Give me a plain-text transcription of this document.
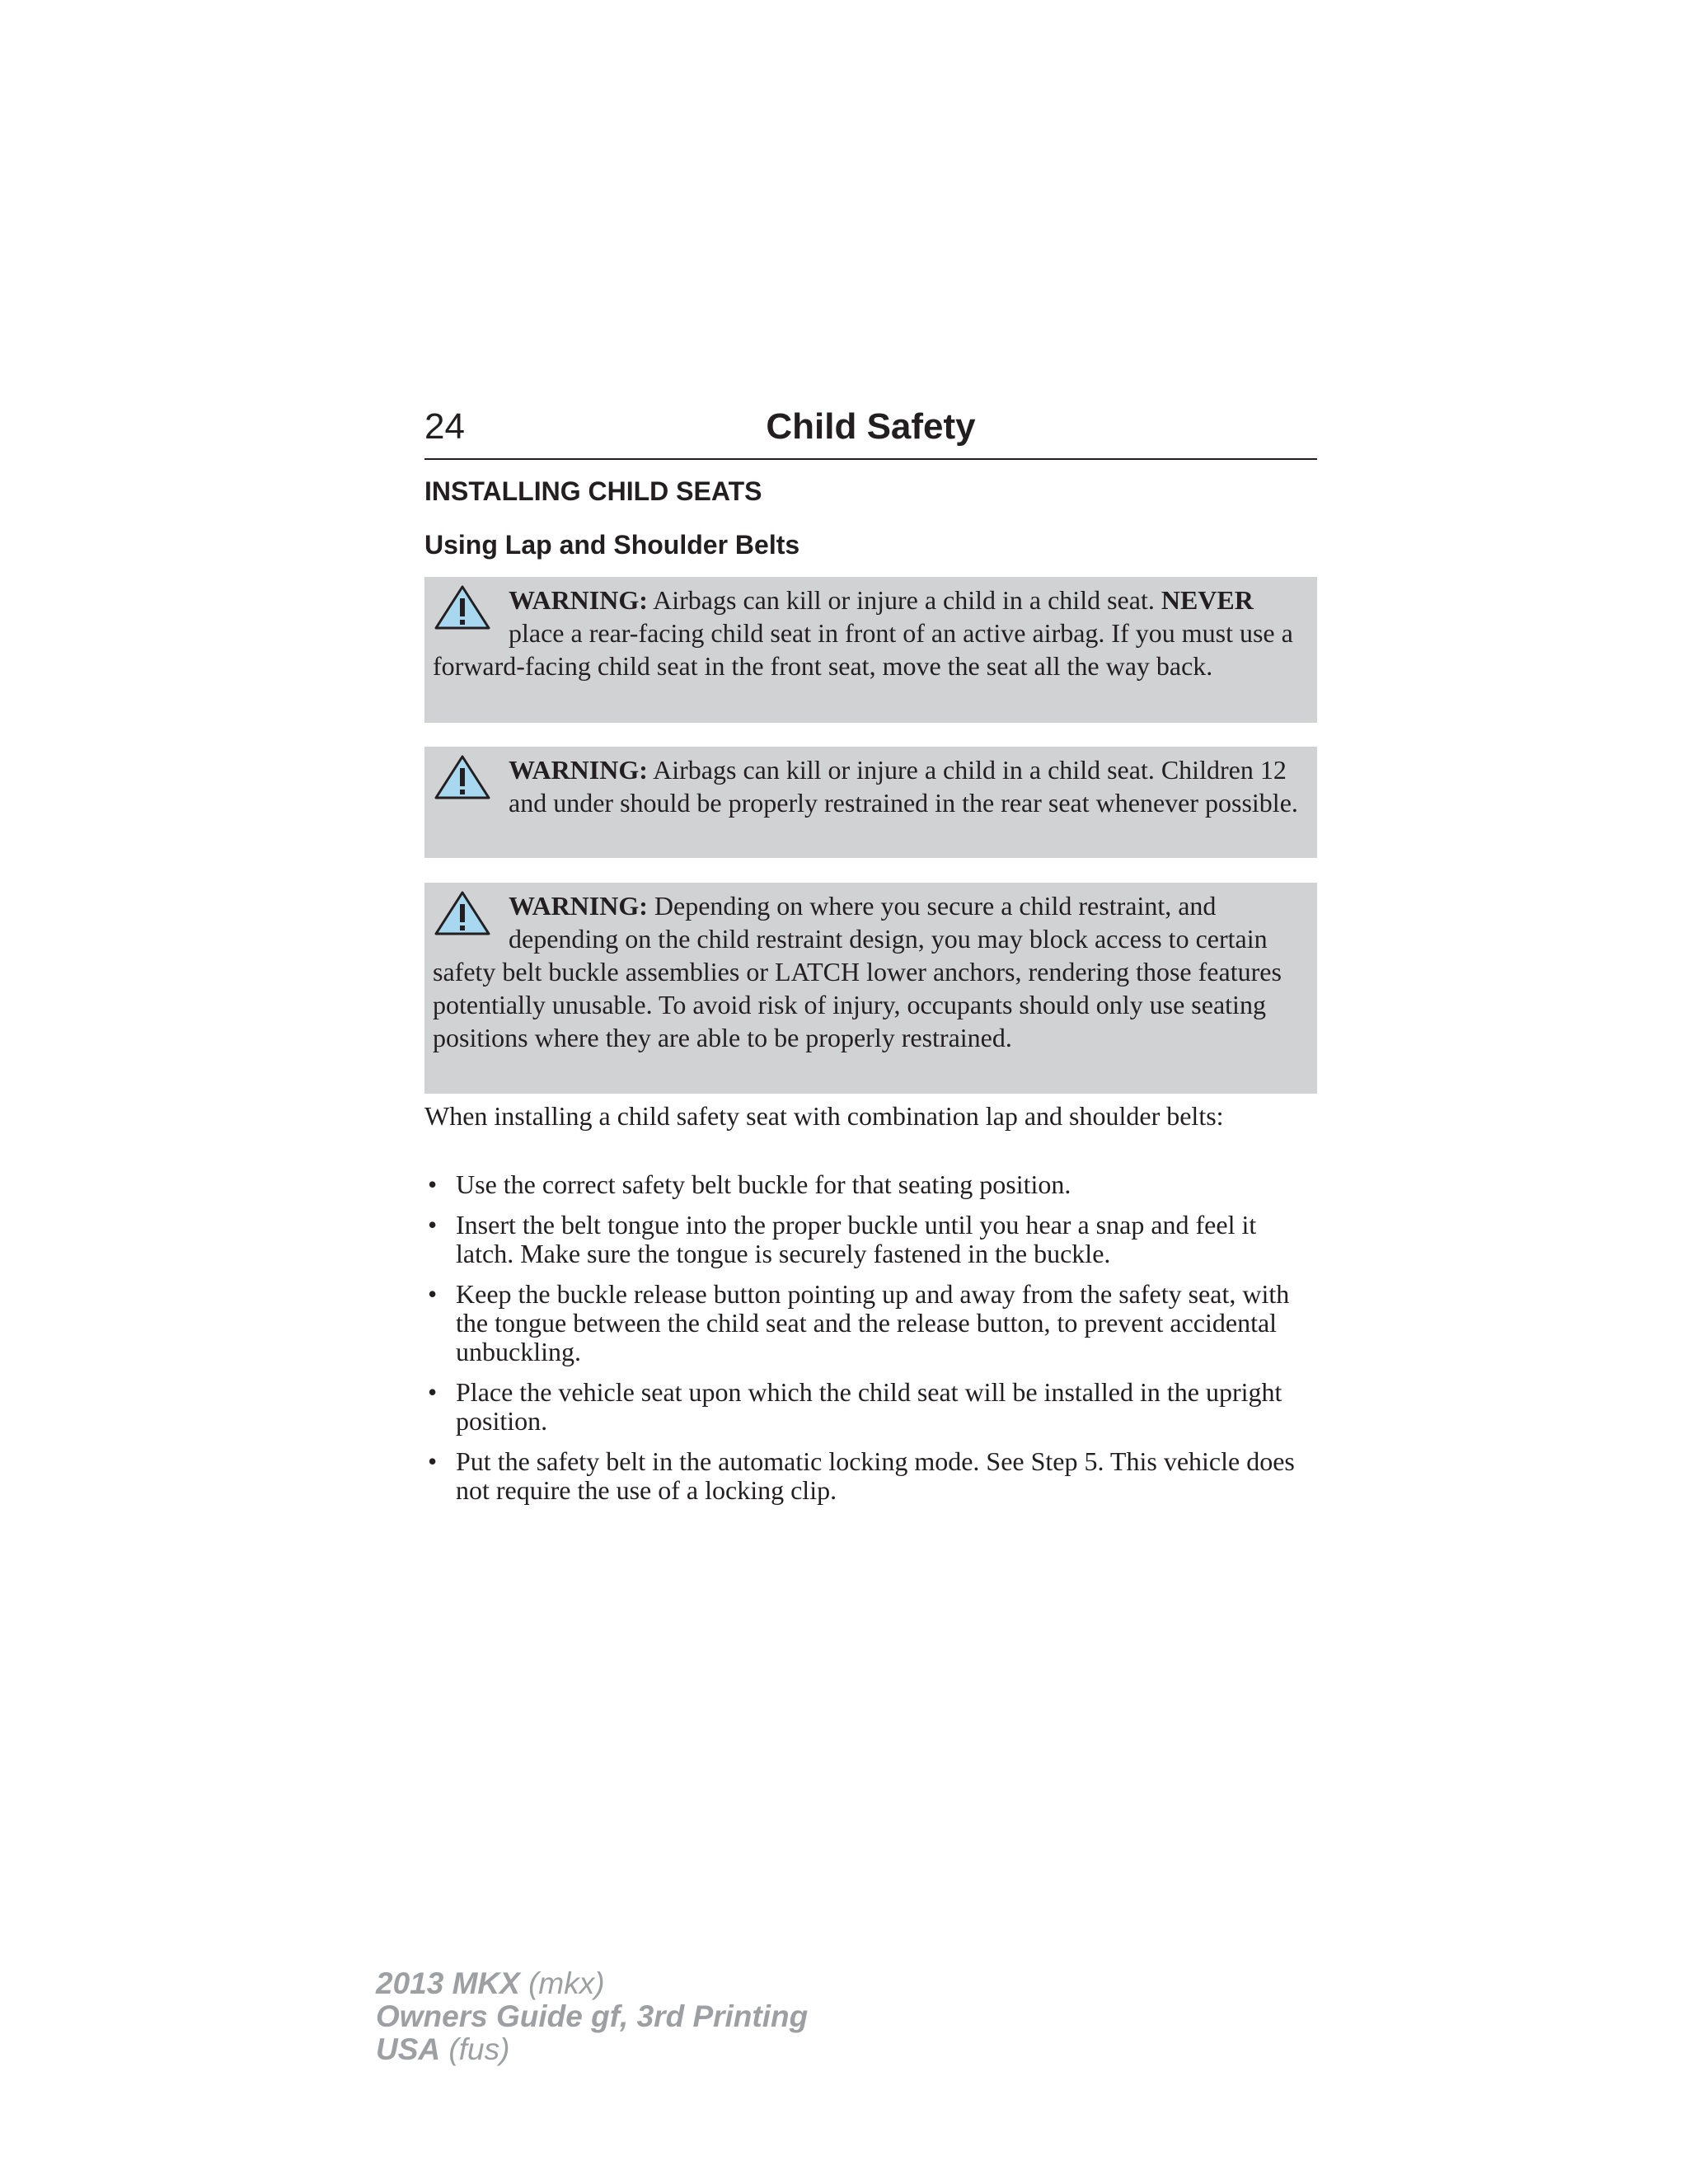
24	Child Safety
INSTALLING CHILD SEATS
Using Lap and Shoulder Belts
WARNING: Airbags can kill or injure a child in a child seat. NEVER place a rear-facing child seat in front of an active airbag. If you must use a forward-facing child seat in the front seat, move the seat all the way back.
WARNING: Airbags can kill or injure a child in a child seat. Children 12 and under should be properly restrained in the rear seat whenever possible.
WARNING: Depending on where you secure a child restraint, and depending on the child restraint design, you may block access to certain safety belt buckle assemblies or LATCH lower anchors, rendering those features potentially unusable. To avoid risk of injury, occupants should only use seating positions where they are able to be properly restrained.
When installing a child safety seat with combination lap and shoulder belts:
• Use the correct safety belt buckle for that seating position.
• Insert the belt tongue into the proper buckle until you hear a snap and feel it latch. Make sure the tongue is securely fastened in the buckle.
• Keep the buckle release button pointing up and away from the safety seat, with the tongue between the child seat and the release button, to prevent accidental unbuckling.
• Place the vehicle seat upon which the child seat will be installed in the upright position.
• Put the safety belt in the automatic locking mode. See Step 5. This vehicle does not require the use of a locking clip.
2013 MKX (mkx)
Owners Guide gf, 3rd Printing
USA (fus)
